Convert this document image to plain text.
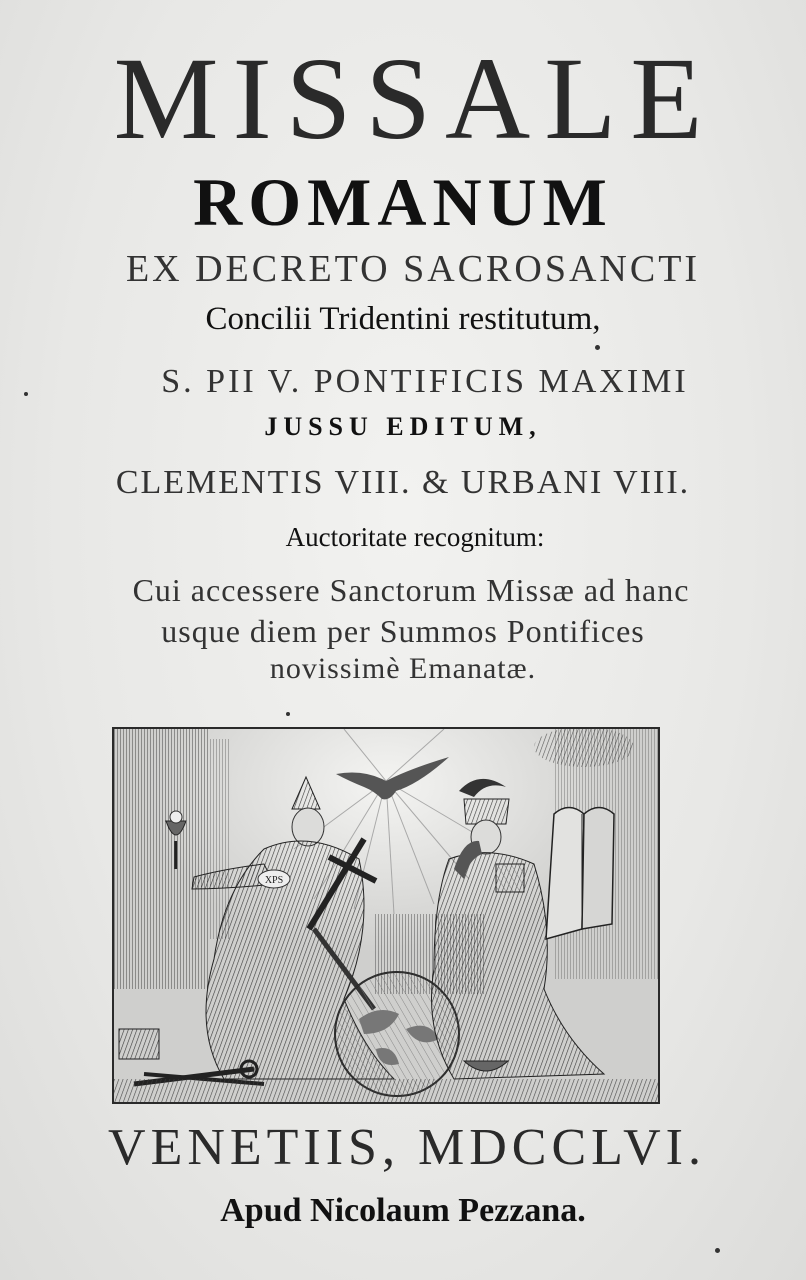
MISSALE
ROMANUM
EX DECRETO SACROSANCTI
Concilii Tridentini restitutum,
S. PII V. PONTIFICIS MAXIMI
JUSSU EDITUM,
CLEMENTIS VIII. & URBANI VIII.
Auctoritate recognitum:
Cui accessere Sanctorum Missæ ad hanc
usque diem per Summos Pontifices
novissimè Emanatæ.
XPS
VENETIIS, MDCCLVI.
Apud Nicolaum Pezzana.
